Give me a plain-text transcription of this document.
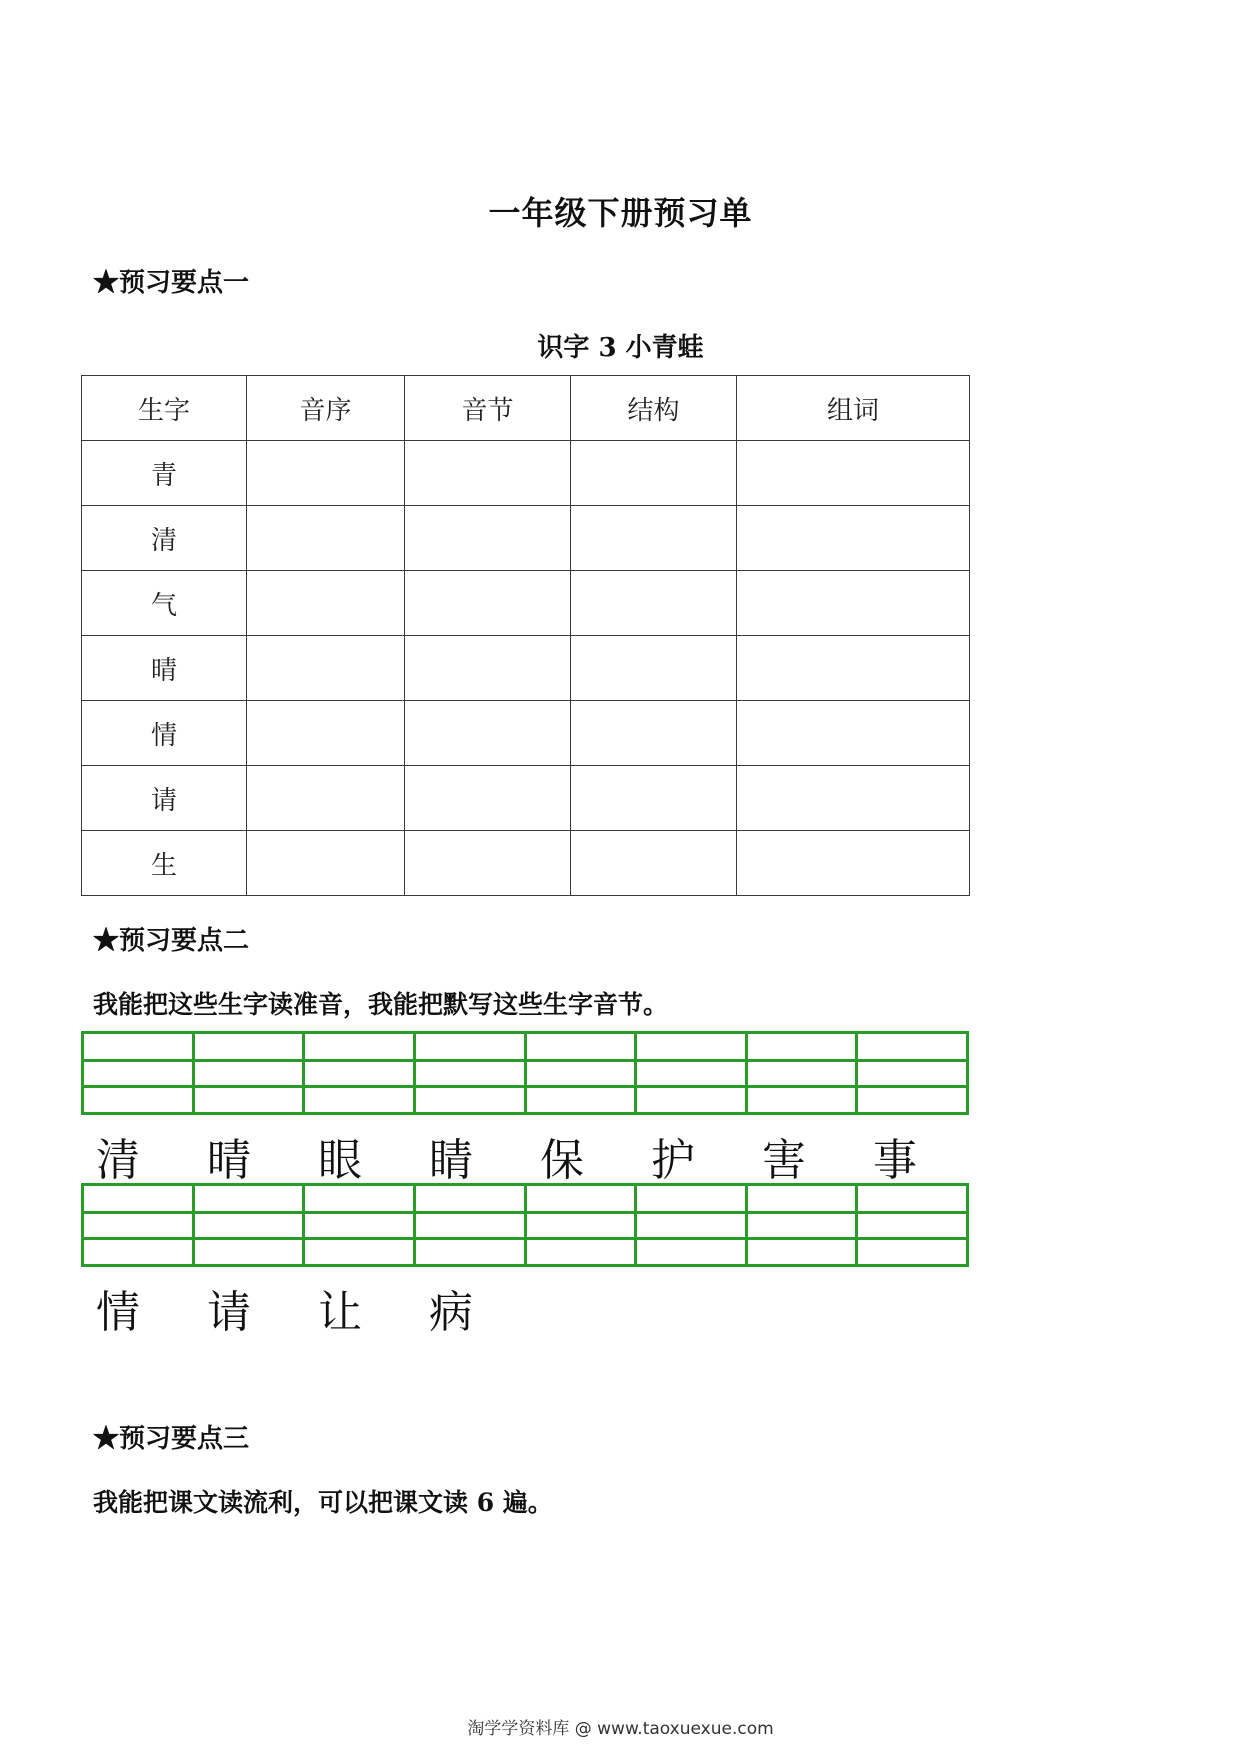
一年级下册预习单
★预习要点一
识字 3 小青蛙
生字	音序	音节	结构	组词
青				
清				
气				
晴				
情				
请				
生				
★预习要点二
我能把这些生字读准音，我能把默写这些生字音节。
清	晴	眼	睛	保	护	害	事
情	请	让	病
★预习要点三
我能把课文读流利，可以把课文读 6 遍。
淘学学资料库 @ www.taoxuexue.com
